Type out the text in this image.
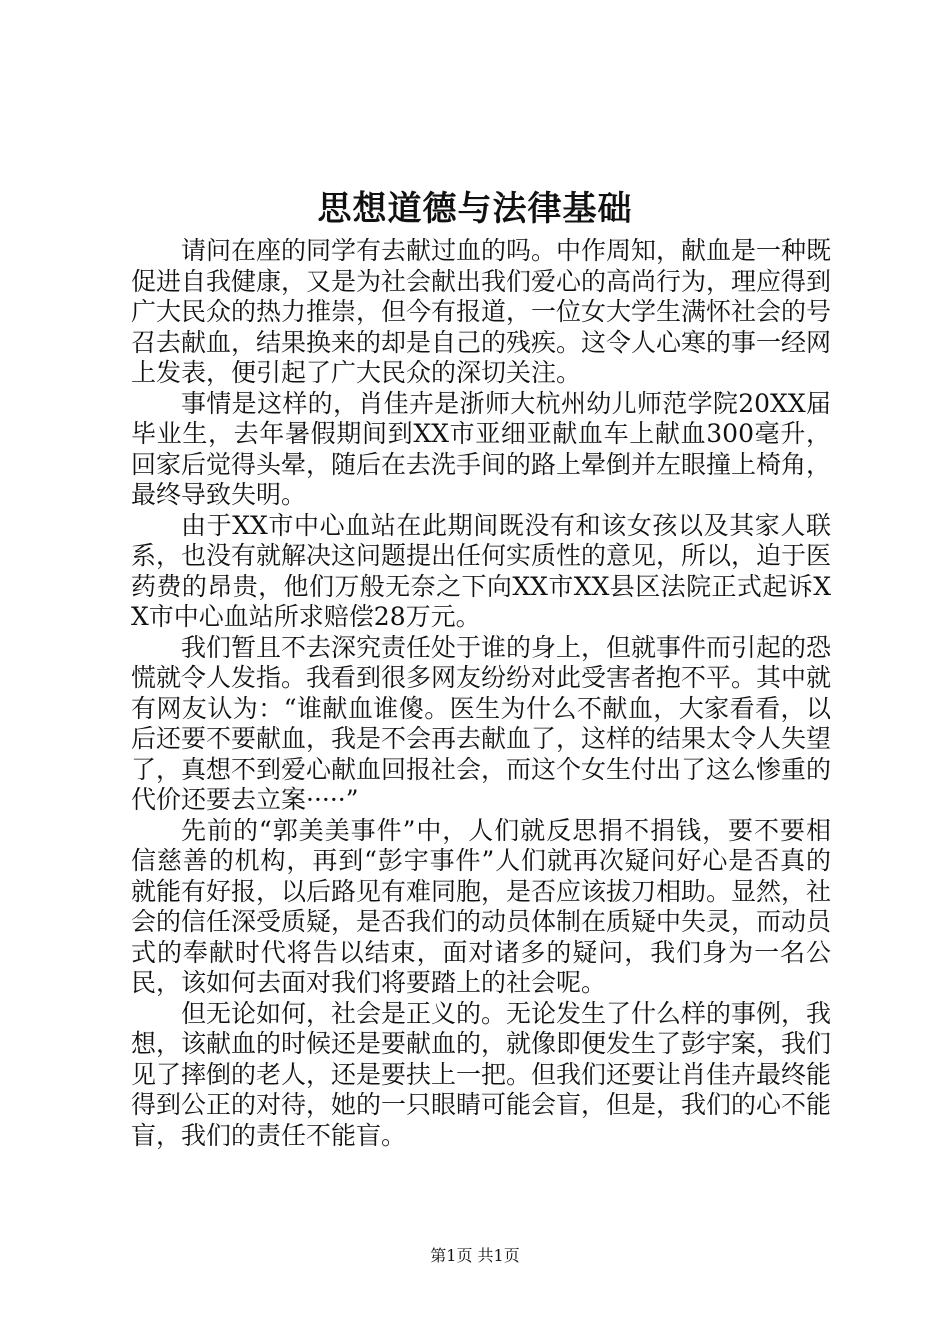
思想道德与法律基础

请问在座的同学有去献过血的吗。中作周知，献血是一种既促进自我健康，又是为社会献出我们爱心的高尚行为，理应得到广大民众的热力推崇，但今有报道，一位女大学生满怀社会的号召去献血，结果换来的却是自己的残疾。这令人心寒的事一经网上发表，便引起了广大民众的深切关注。

事情是这样的，肖佳卉是浙师大杭州幼儿师范学院20XX届毕业生，去年暑假期间到XX市亚细亚献血车上献血300毫升，回家后觉得头晕，随后在去洗手间的路上晕倒并左眼撞上椅角，最终导致失明。

由于XX市中心血站在此期间既没有和该女孩以及其家人联系，也没有就解决这问题提出任何实质性的意见，所以，迫于医药费的昂贵，他们万般无奈之下向XX市XX县区法院正式起诉XX市中心血站所求赔偿28万元。

我们暂且不去深究责任处于谁的身上，但就事件而引起的恐慌就令人发指。我看到很多网友纷纷对此受害者抱不平。其中就有网友认为：“谁献血谁傻。医生为什么不献血，大家看看，以后还要不要献血，我是不会再去献血了，这样的结果太令人失望了，真想不到爱心献血回报社会，而这个女生付出了这么惨重的代价还要去立案·····”

先前的“郭美美事件”中，人们就反思捐不捐钱，要不要相信慈善的机构，再到“彭宇事件”人们就再次疑问好心是否真的就能有好报，以后路见有难同胞，是否应该拔刀相助。显然，社会的信任深受质疑，是否我们的动员体制在质疑中失灵，而动员式的奉献时代将告以结束，面对诸多的疑问，我们身为一名公民，该如何去面对我们将要踏上的社会呢。

但无论如何，社会是正义的。无论发生了什么样的事例，我想，该献血的时候还是要献血的，就像即便发生了彭宇案，我们见了摔倒的老人，还是要扶上一把。但我们还要让肖佳卉最终能得到公正的对待，她的一只眼睛可能会盲，但是，我们的心不能盲，我们的责任不能盲。

第1页 共1页
